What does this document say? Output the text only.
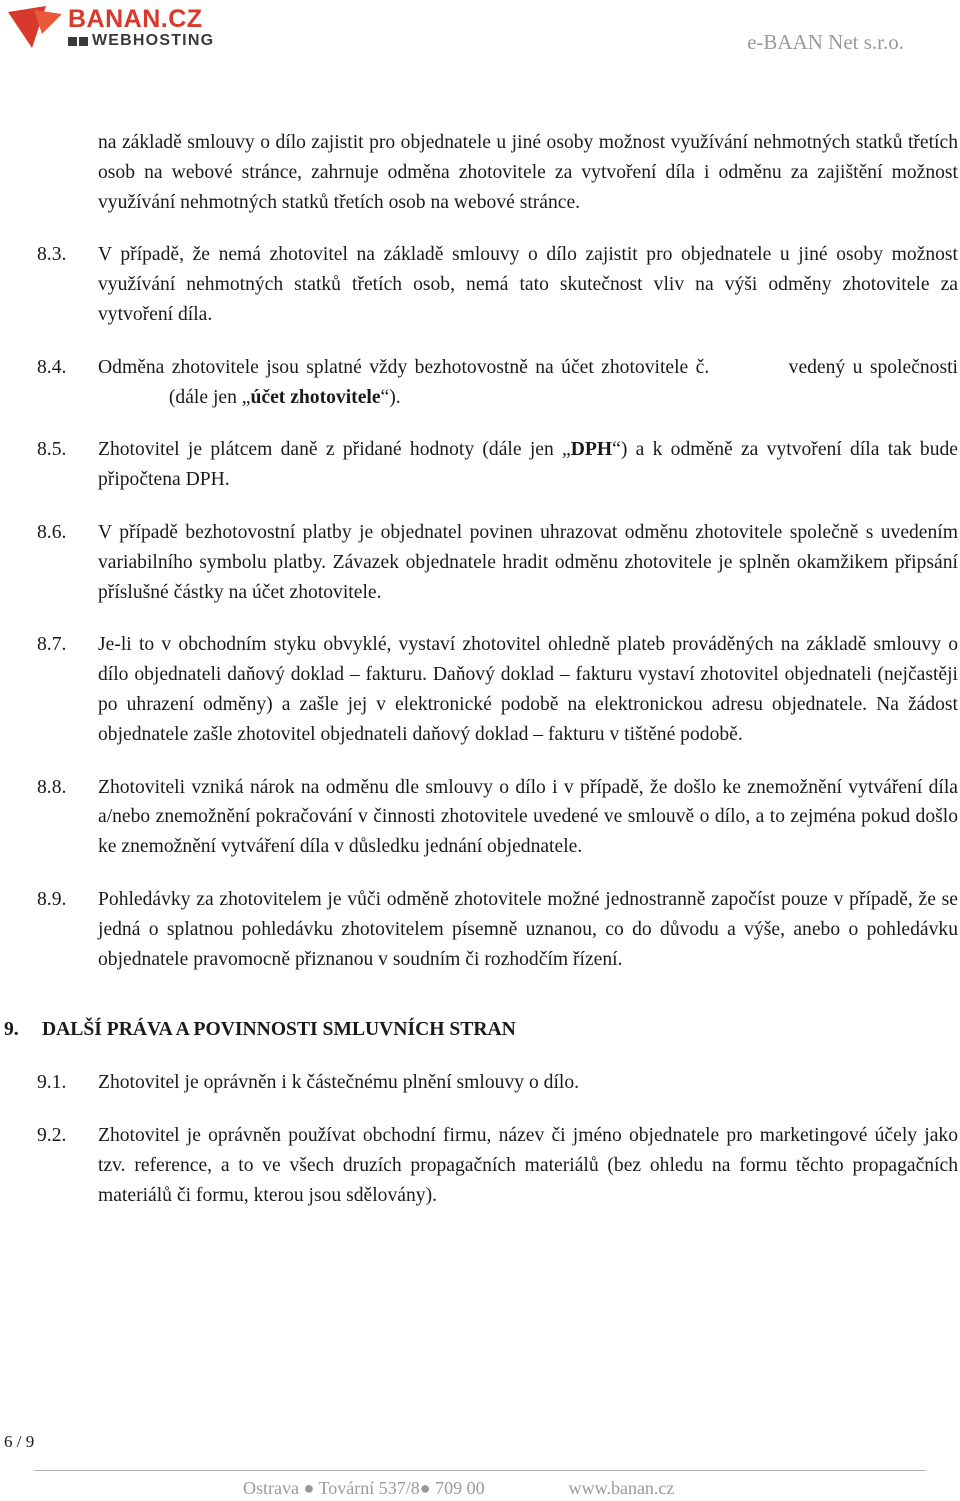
BANAN.CZ
WEBHOSTING	e-BAAN Net s.r.o.

na základě smlouvy o dílo zajistit pro objednatele u jiné osoby možnost využívání nehmotných statků třetích osob na webové stránce, zahrnuje odměna zhotovitele za vytvoření díla i odměnu za zajištění možnost využívání nehmotných statků třetích osob na webové stránce.

8.3. V případě, že nemá zhotovitel na základě smlouvy o dílo zajistit pro objednatele u jiné osoby možnost využívání nehmotných statků třetích osob, nemá tato skutečnost vliv na výši odměny zhotovitele za vytvoření díla.

8.4. Odměna zhotovitele jsou splatné vždy bezhotovostně na účet zhotovitele č.	vedený u společnosti (dále jen „účet zhotovitele“).

8.5. Zhotovitel je plátcem daně z přidané hodnoty (dále jen „DPH“) a k odměně za vytvoření díla tak bude připočtena DPH.

8.6. V případě bezhotovostní platby je objednatel povinen uhrazovat odměnu zhotovitele společně s uvedením variabilního symbolu platby. Závazek objednatele hradit odměnu zhotovitele je splněn okamžikem připsání příslušné částky na účet zhotovitele.

8.7. Je-li to v obchodním styku obvyklé, vystaví zhotovitel ohledně plateb prováděných na základě smlouvy o dílo objednateli daňový doklad – fakturu. Daňový doklad – fakturu vystaví zhotovitel objednateli (nejčastěji po uhrazení odměny) a zašle jej v elektronické podobě na elektronickou adresu objednatele. Na žádost objednatele zašle zhotovitel objednateli daňový doklad – fakturu v tištěné podobě.

8.8. Zhotoviteli vzniká nárok na odměnu dle smlouvy o dílo i v případě, že došlo ke znemožnění vytváření díla a/nebo znemožnění pokračování v činnosti zhotovitele uvedené ve smlouvě o dílo, a to zejména pokud došlo ke znemožnění vytváření díla v důsledku jednání objednatele.

8.9. Pohledávky za zhotovitelem je vůči odměně zhotovitele možné jednostranně započíst pouze v případě, že se jedná o splatnou pohledávku zhotovitelem písemně uznanou, co do důvodu a výše, anebo o pohledávku objednatele pravomocně přiznanou v soudním či rozhodčím řízení.

9. DALŠÍ PRÁVA A POVINNOSTI SMLUVNÍCH STRAN

9.1. Zhotovitel je oprávněn i k částečnému plnění smlouvy o dílo.

9.2. Zhotovitel je oprávněn používat obchodní firmu, název či jméno objednatele pro marketingové účely jako tzv. reference, a to ve všech druzích propagačních materiálů (bez ohledu na formu těchto propagačních materiálů či formu, kterou jsou sdělovány).

6 / 9
Ostrava ● Tovární 537/8● 709 00	www.banan.cz
